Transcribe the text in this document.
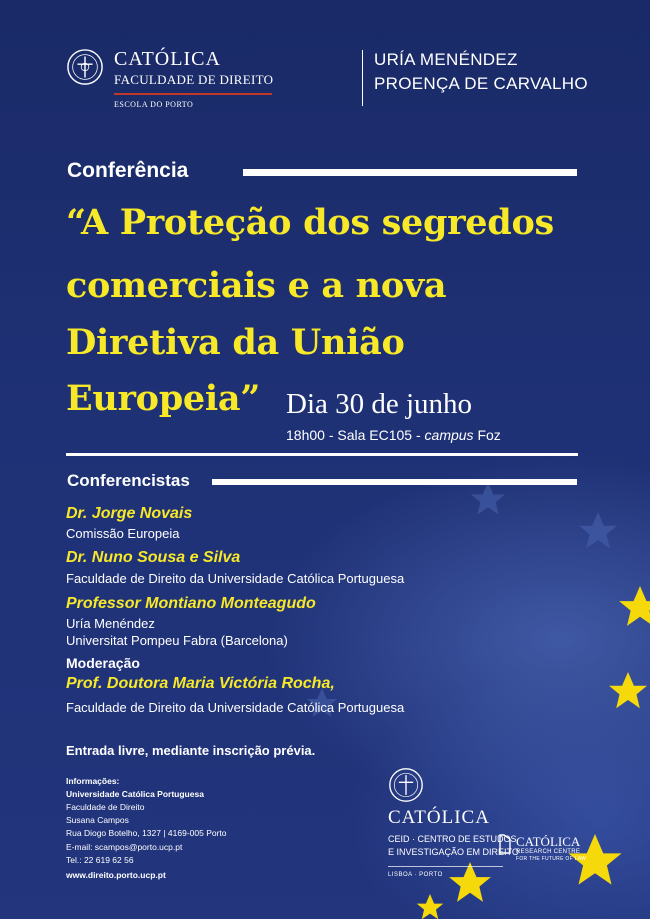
CATÓLICA
FACULDADE DE DIREITO
ESCOLA DO PORTO
URÍA MENÉNDEZ
PROENÇA DE CARVALHO
Conferência
“A Proteção dos segredos
comerciais e a nova
Diretiva da União
Europeia” Dia 30 de junho
18h00 - Sala EC105 - campus Foz
Conferencistas
Dr. Jorge Novais
Comissão Europeia
Dr. Nuno Sousa e Silva
Faculdade de Direito da Universidade Católica Portuguesa
Professor Montiano Monteagudo
Uría Menéndez
Universitat Pompeu Fabra (Barcelona)
Moderação
Prof. Doutora Maria Victória Rocha,
Faculdade de Direito da Universidade Católica Portuguesa
Entrada livre, mediante inscrição prévia.
Informações:
Universidade Católica Portuguesa
Faculdade de Direito
Susana Campos
Rua Diogo Botelho, 1327 | 4169-005 Porto
E-mail: scampos@porto.ucp.pt
Tel.: 22 619 62 56
www.direito.porto.ucp.pt
CATÓLICA
CEID · CENTRO DE ESTUDOS
E INVESTIGAÇÃO EM DIREITO
LISBOA · PORTO
CATÓLICA
RESEARCH CENTRE
FOR THE FUTURE OF LAW
